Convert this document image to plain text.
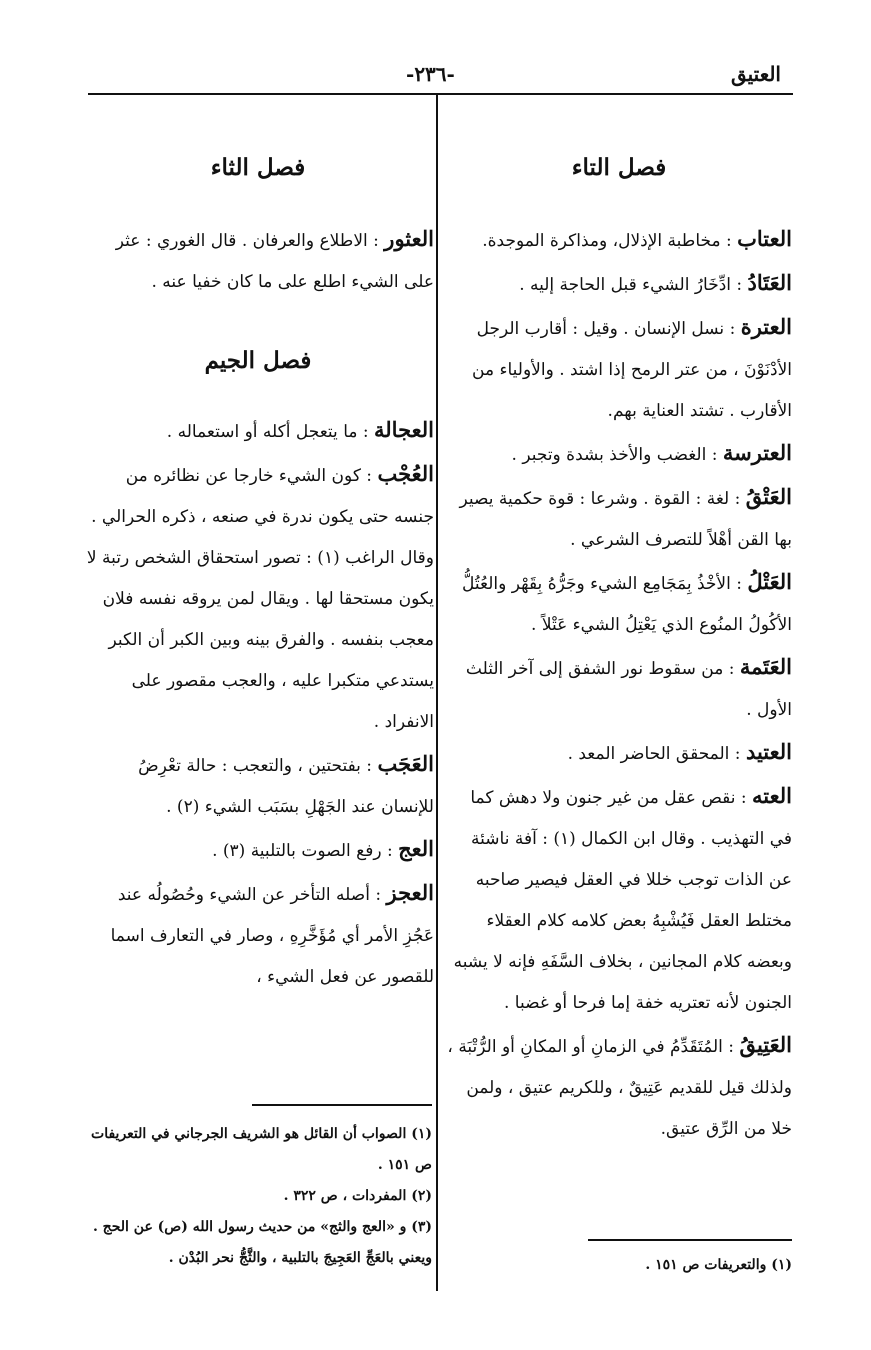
العتيق
-٢٣٦-
فصل التاء

العتاب : مخاطبة الإذلال، ومذاكرة الموجدة.

العَتَادُ : ادِّخَارُ الشيء قبل الحاجة إليه .

العترة : نسل الإنسان . وقيل : أقارب الرجل الأدْنَوْنَ ، من عتر الرمح إذا اشتد . والأولياء من الأقارب . تشتد العناية بهم.

العترسة : الغضب والأخذ بشدة وتجبر .

العَتْقُ : لغة : القوة . وشرعا : قوة حكمية يصير بها القن أهْلاً للتصرف الشرعي .

العَتْلُ : الأخْذُ بِمَجَامِع الشيء وجَرُّهُ بِقَهْر والعُتُلُّ الأكُولُ المنُوع الذي يَعْتِلُ الشيء عَتْلاً .

العَتَمة : من سقوط نور الشفق إلى آخر الثلث الأول .

العتيد : المحقق الحاضر المعد .

العته : نقص عقل من غير جنون ولا دهش كما في التهذيب . وقال ابن الكمال (١) : آفة ناشئة عن الذات توجب خللا في العقل فيصير صاحبه مختلط العقل فَيُشْبِهُ بعض كلامه كلام العقلاء وبعضه كلام المجانين ، بخلاف السَّفَهِ فإنه لا يشبه الجنون لأنه تعتريه خفة إما فرحا أو غضبا .

العَتِيقُ : المُتَقَدِّمُ في الزمانِ أو المكانِ أو الرُّتْبَة ، ولذلك قيل للقديم عَتِيقٌ ، وللكريم عتيق ، ولمن خلا من الرِّق عتيق.

فصل الثاء

العثور : الاطلاع والعرفان . قال الغوري : عثر على الشيء اطلع على ما كان خفيا عنه .

فصل الجيم

العجالة : ما يتعجل أكله أو استعماله .

العُجْب : كون الشيء خارجا عن نظائره من جنسه حتى يكون ندرة في صنعه ، ذكره الحرالي . وقال الراغب (١) : تصور استحقاق الشخص رتبة لا يكون مستحقا لها . ويقال لمن يروقه نفسه فلان معجب بنفسه . والفرق بينه وبين الكبر أن الكبر يستدعي متكبرا عليه ، والعجب مقصور على الانفراد .

العَجَب : بفتحتين ، والتعجب : حالة تعْرِضُ للإنسان عند الجَهْلِ بسَبَب الشيء (٢) .

العج : رفع الصوت بالتلبية (٣) .

العجز : أصله التأخر عن الشيء وحُصُولُه عند عَجُزِ الأمر أي مُؤَخَّرِهِ ، وصار في التعارف اسما للقصور عن فعل الشيء ،

(١) الصواب أن القائل هو الشريف الجرجاني في التعريفات ص ١٥١ .
(٢) المفردات ، ص ٣٢٢ .
(٣) و «العج والثج» من حديث رسول الله (ص) عن الحج . ويعني بالعَجِّ العَجِيجَ بالتلبية ، والثَّجُّ نحر البُدْن .	(١) والتعريفات ص ١٥١ .
